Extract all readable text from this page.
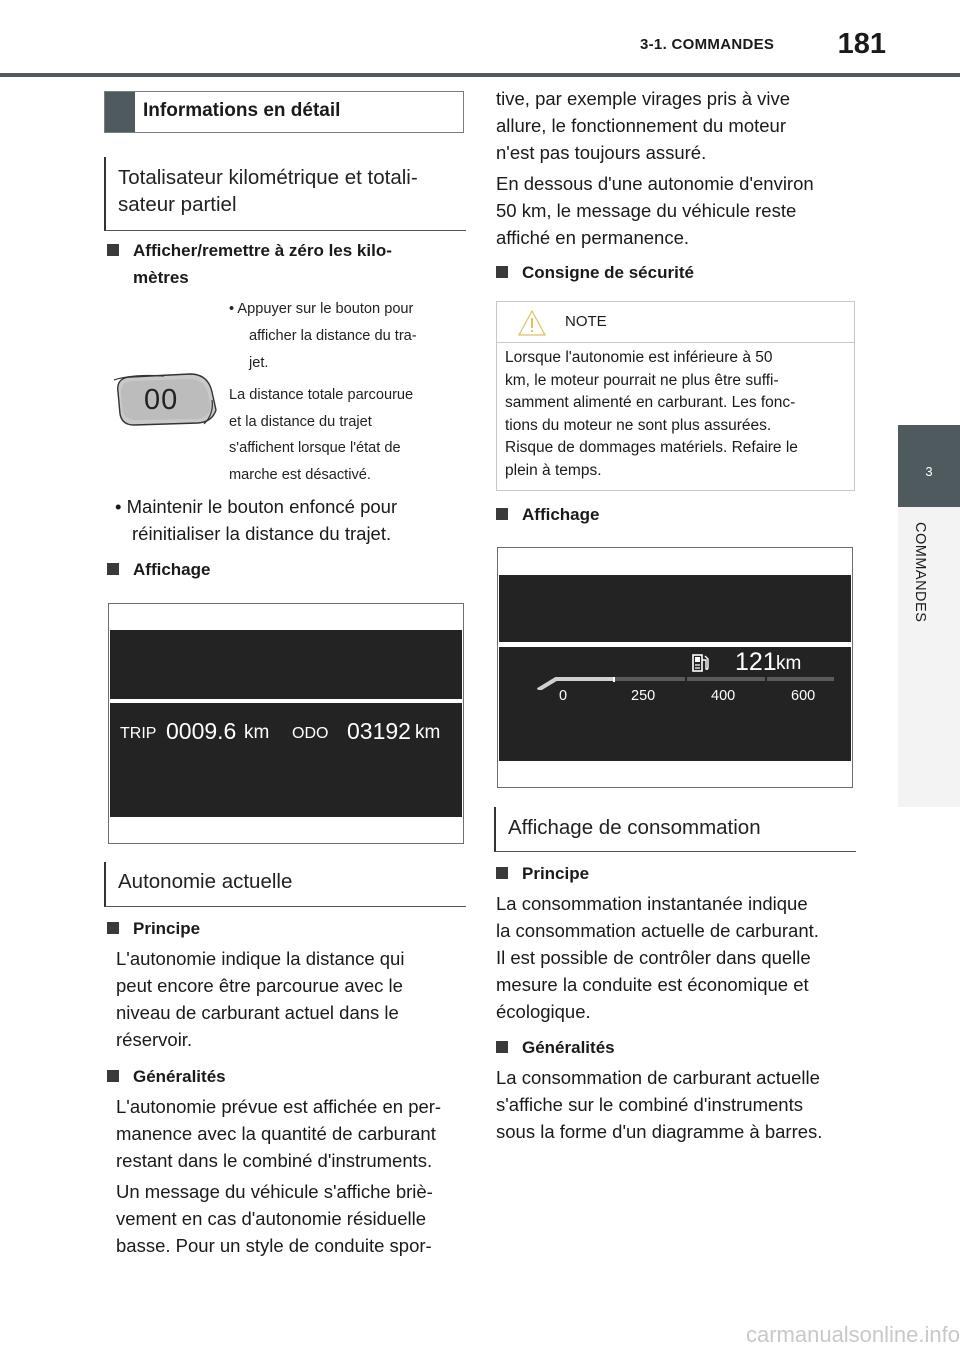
3-1. COMMANDES	181
3
COMMANDES
Informations en détail
Totalisateur kilométrique et totali-
sateur partiel
Afficher/remettre à zéro les kilo-
mètres
• Appuyer sur le bouton pour
afficher la distance du tra-
jet.
00	La distance totale parcourue
et la distance du trajet
s'affichent lorsque l'état de
marche est désactivé.
• Maintenir le bouton enfoncé pour
réinitialiser la distance du trajet.
Affichage
TRIP 0009.6 km ODO 03192 km
Autonomie actuelle
Principe
L'autonomie indique la distance qui
peut encore être parcourue avec le
niveau de carburant actuel dans le
réservoir.
Généralités
L'autonomie prévue est affichée en per-
manence avec la quantité de carburant
restant dans le combiné d'instruments.
Un message du véhicule s'affiche briè-
vement en cas d'autonomie résiduelle
basse. Pour un style de conduite spor-
tive, par exemple virages pris à vive
allure, le fonctionnement du moteur
n'est pas toujours assuré.
En dessous d'une autonomie d'environ
50 km, le message du véhicule reste
affiché en permanence.
Consigne de sécurité
NOTE
Lorsque l'autonomie est inférieure à 50
km, le moteur pourrait ne plus être suffi-
samment alimenté en carburant. Les fonc-
tions du moteur ne sont plus assurées.
Risque de dommages matériels. Refaire le
plein à temps.
Affichage
121 km
0	250	400	600
Affichage de consommation
Principe
La consommation instantanée indique
la consommation actuelle de carburant.
Il est possible de contrôler dans quelle
mesure la conduite est économique et
écologique.
Généralités
La consommation de carburant actuelle
s'affiche sur le combiné d'instruments
sous la forme d'un diagramme à barres.
carmanualsonline.info
